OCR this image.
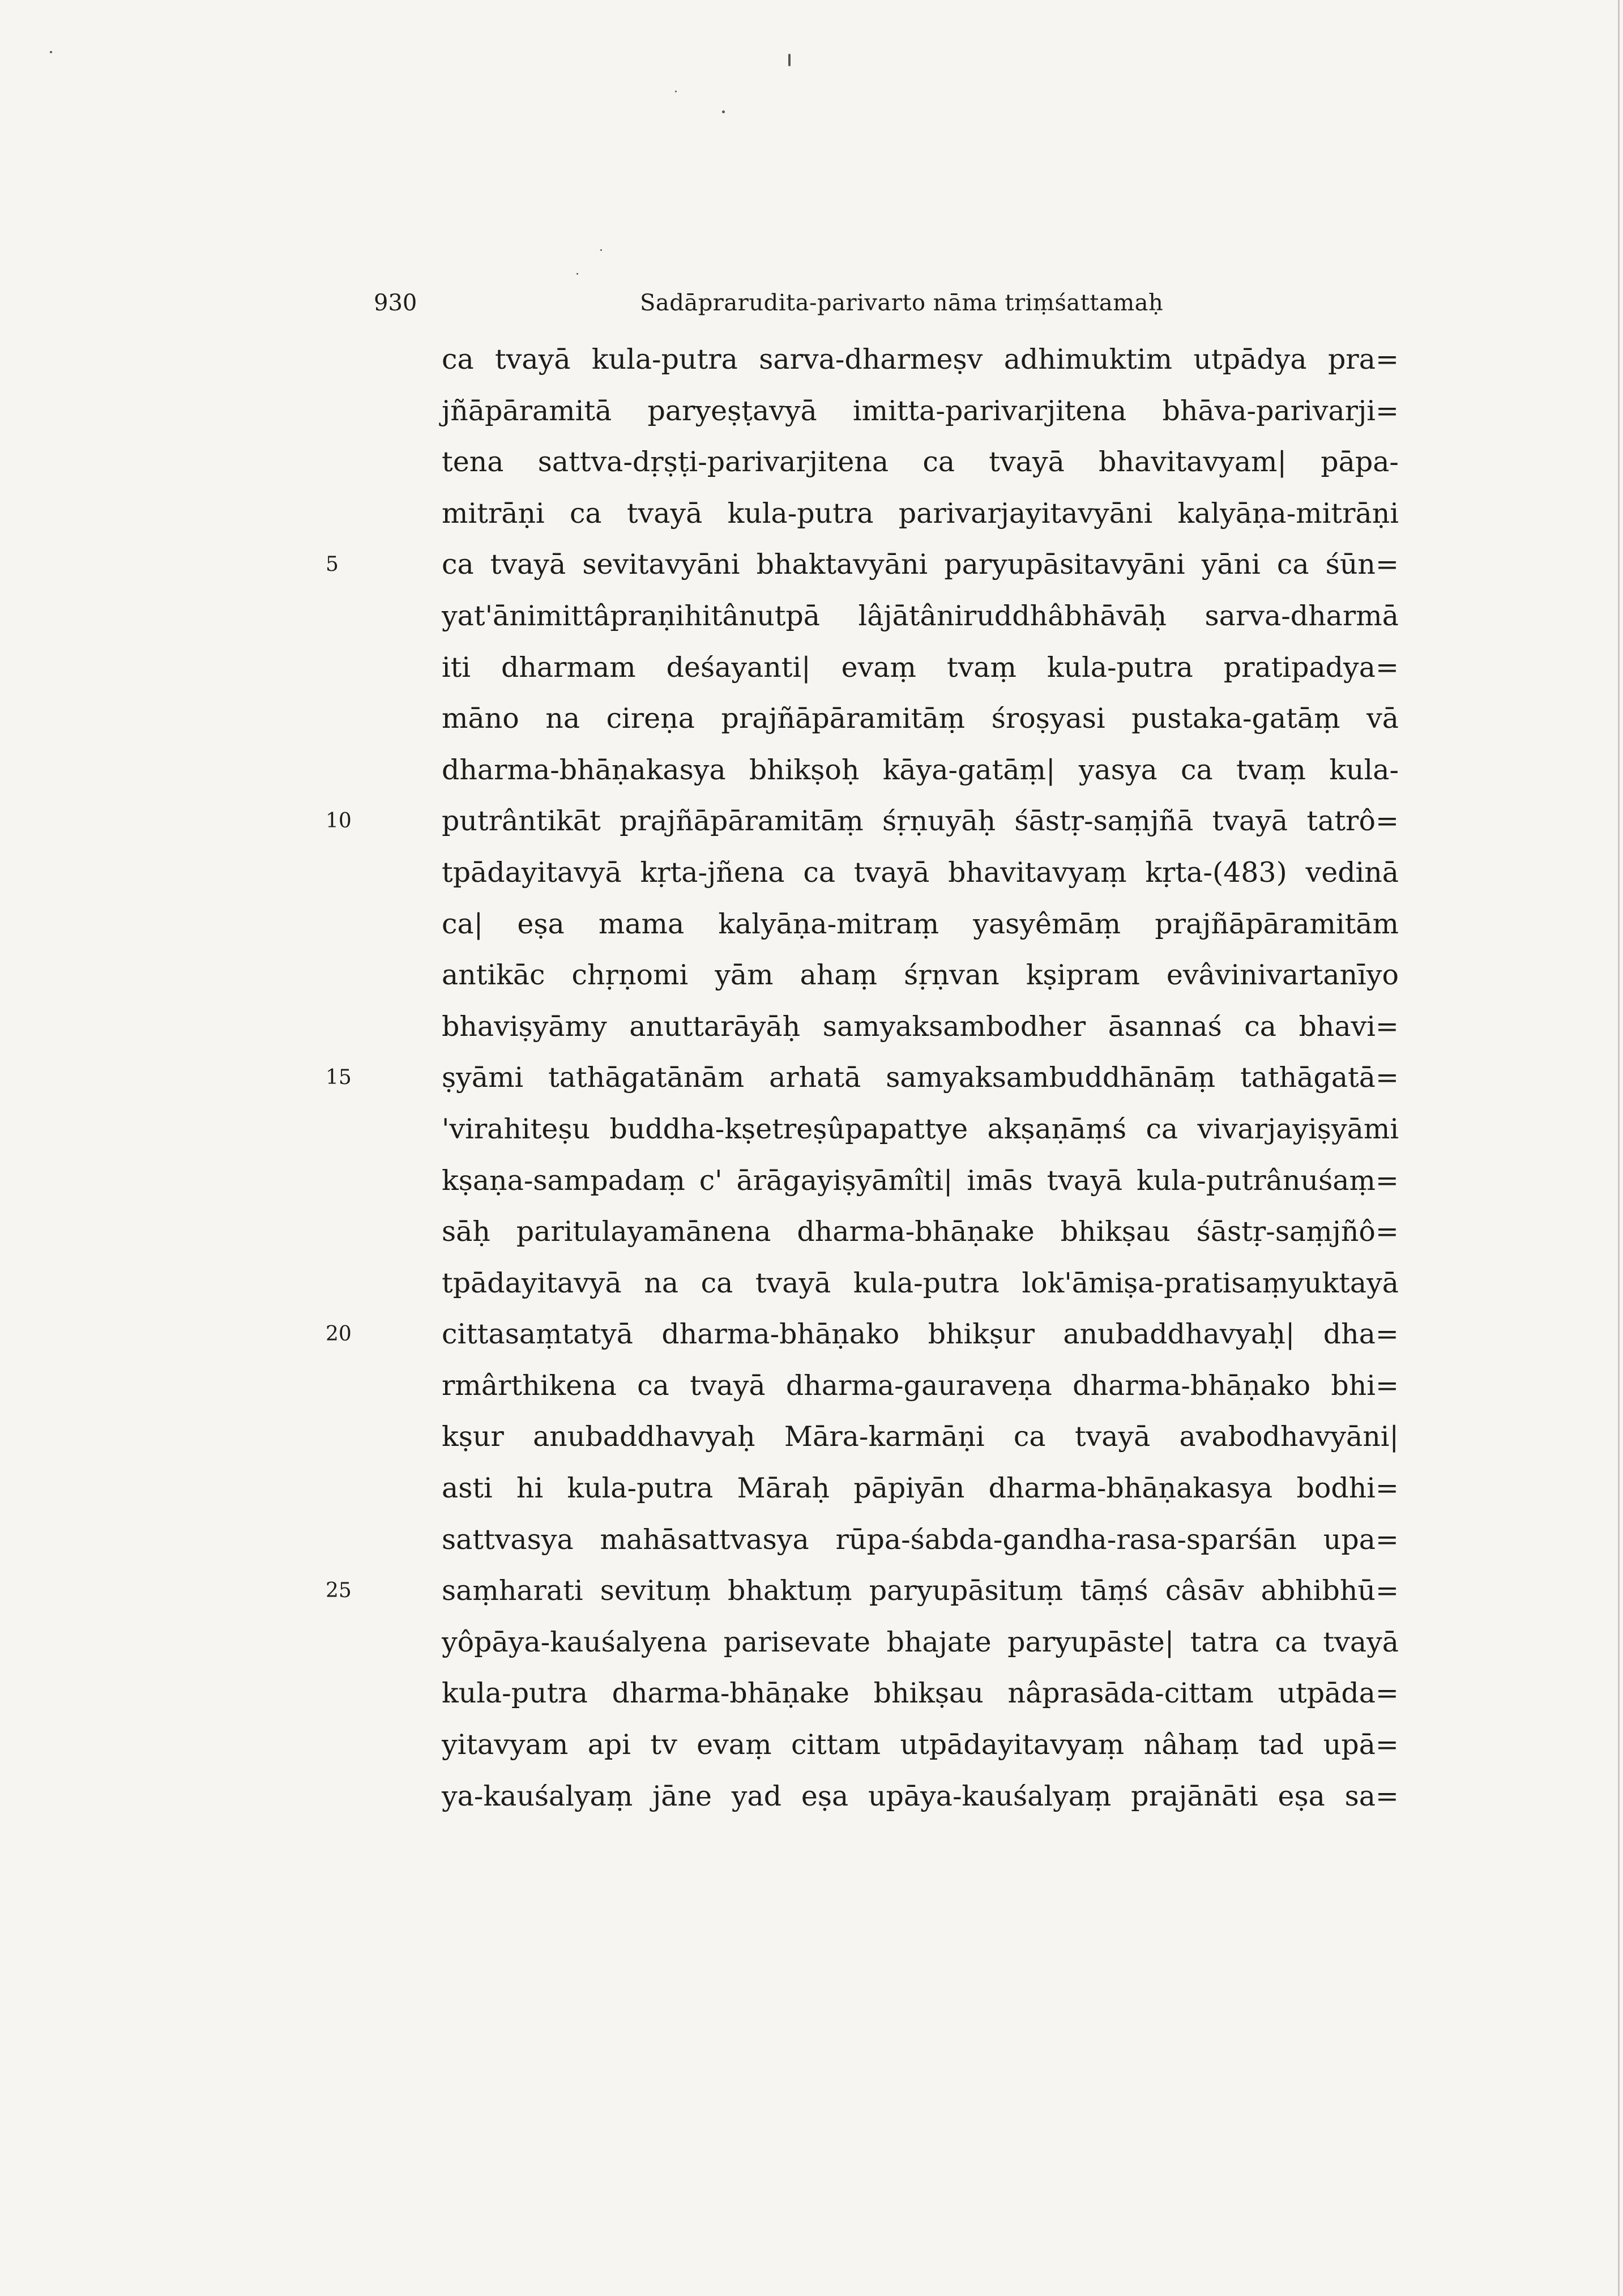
930	Sadāprarudita-parivarto nāma triṃśattamaḥ
5
10
15
20
25
ca tvayā kula-putra sarva-dharmeṣv adhimuktim utpādya pra=
jñāpāramitā paryeṣṭavyā imitta-parivarjitena bhāva-parivarji=
tena sattva-dṛṣṭi-parivarjitena ca tvayā bhavitavyam| pāpa-
mitrāṇi ca tvayā kula-putra parivarjayitavyāni kalyāṇa-mitrāṇi
ca tvayā sevitavyāni bhaktavyāni paryupāsitavyāni yāni ca śūn=
yat'ānimittâpraṇihitânutpā lâjātâniruddhâbhāvāḥ sarva-dharmā
iti dharmam deśayanti| evaṃ tvaṃ kula-putra pratipadya=
māno na cireṇa prajñāpāramitāṃ śroṣyasi pustaka-gatāṃ vā
dharma-bhāṇakasya bhikṣoḥ kāya-gatāṃ| yasya ca tvaṃ kula-
putrântikāt prajñāpāramitāṃ śṛṇuyāḥ śāstṛ-saṃjñā tvayā tatrô=
tpādayitavyā kṛta-jñena ca tvayā bhavitavyaṃ kṛta-(483) vedinā
ca| eṣa mama kalyāṇa-mitraṃ yasyêmāṃ prajñāpāramitām
antikāc chṛṇomi yām ahaṃ śṛṇvan kṣipram evâvinivartanīyo
bhaviṣyāmy anuttarāyāḥ samyaksambodher āsannaś ca bhavi=
ṣyāmi tathāgatānām arhatā samyaksambuddhānāṃ tathāgatā=
'virahiteṣu buddha-kṣetreṣûpapattye akṣaṇāṃś ca vivarjayiṣyāmi
kṣaṇa-sampadaṃ c' ārāgayiṣyāmîti| imās tvayā kula-putrânuśaṃ=
sāḥ paritulayamānena dharma-bhāṇake bhikṣau śāstṛ-saṃjñô=
tpādayitavyā na ca tvayā kula-putra lok'āmiṣa-pratisaṃyuktayā
cittasaṃtatyā dharma-bhāṇako bhikṣur anubaddhavyaḥ| dha=
rmârthikena ca tvayā dharma-gauraveṇa dharma-bhāṇako bhi=
kṣur anubaddhavyaḥ Māra-karmāṇi ca tvayā avabodhavyāni|
asti hi kula-putra Māraḥ pāpiyān dharma-bhāṇakasya bodhi=
sattvasya mahāsattvasya rūpa-śabda-gandha-rasa-sparśān upa=
saṃharati sevituṃ bhaktuṃ paryupāsituṃ tāṃś câsāv abhibhū=
yôpāya-kauśalyena parisevate bhajate paryupāste| tatra ca tvayā
kula-putra dharma-bhāṇake bhikṣau nâprasāda-cittam utpāda=
yitavyam api tv evaṃ cittam utpādayitavyaṃ nâhaṃ tad upā=
ya-kauśalyaṃ jāne yad eṣa upāya-kauśalyaṃ prajānāti eṣa sa=
